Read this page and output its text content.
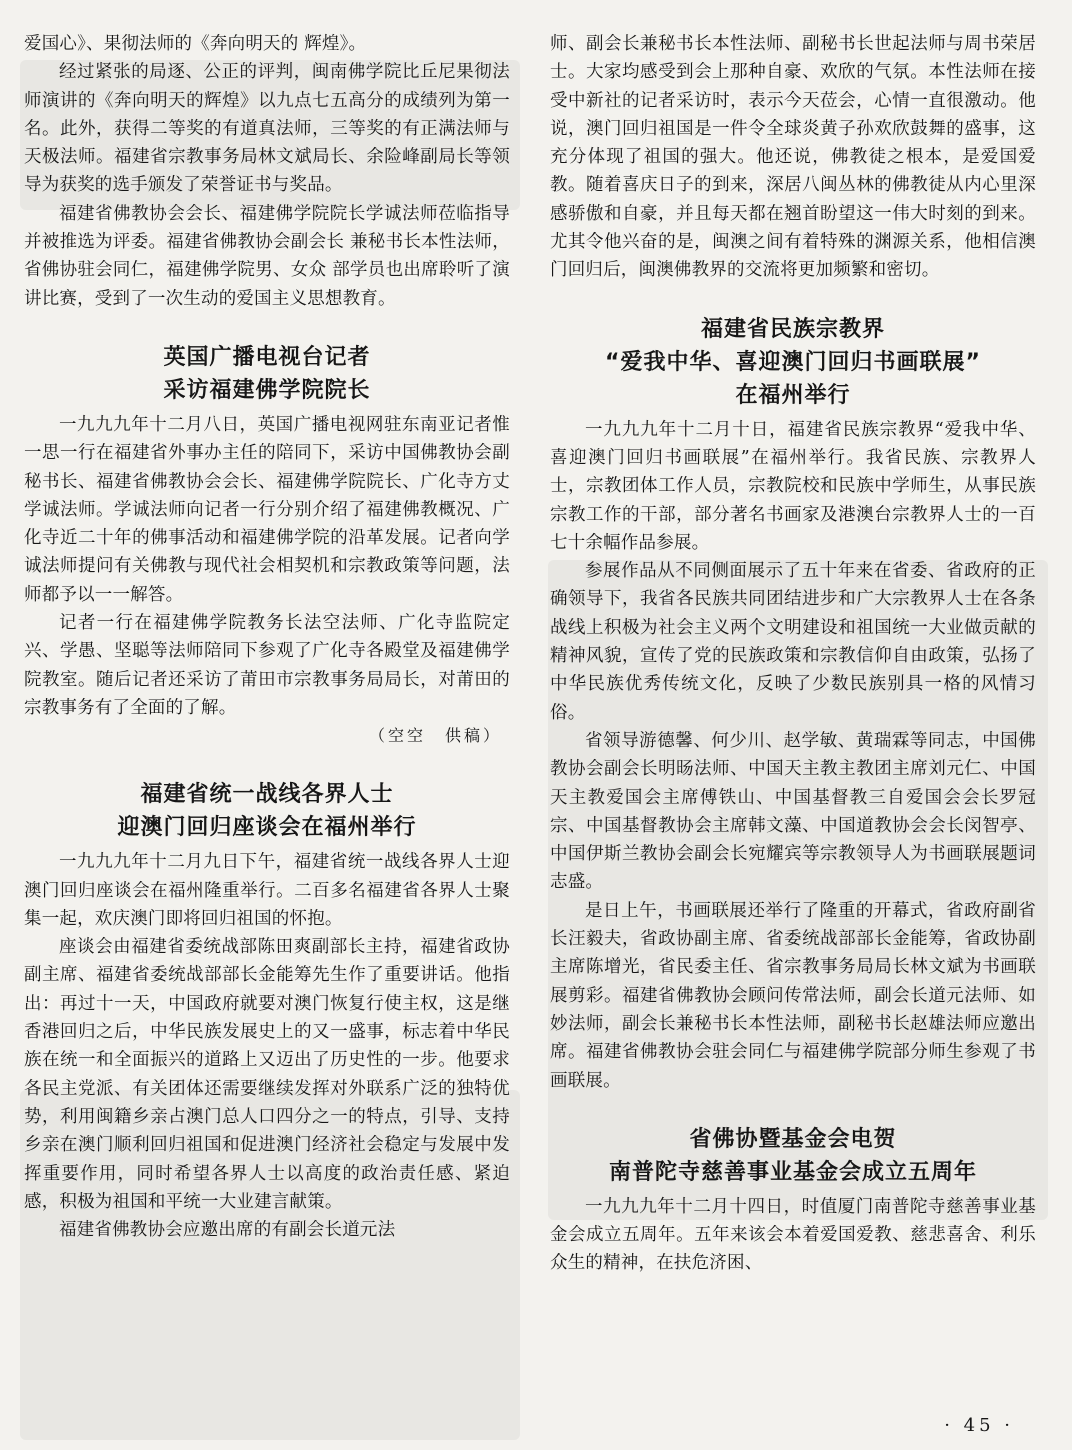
爱国心》、果彻法师的《奔向明天的 辉煌》。

经过紧张的局逐、公正的评判，闽南佛学院比丘尼果彻法师演讲的《奔向明天的辉煌》以九点七五高分的成绩列为第一名。此外，获得二等奖的有道真法师，三等奖的有正满法师与天极法师。福建省宗教事务局林文斌局长、余险峰副局长等领导为获奖的选手颁发了荣誉证书与奖品。

福建省佛教协会会长、福建佛学院院长学诚法师莅临指导并被推选为评委。福建省佛教协会副会长 兼秘书长本性法师，省佛协驻会同仁，福建佛学院男、女众 部学员也出席聆听了演讲比赛，受到了一次生动的爱国主义思想教育。

英国广播电视台记者
采访福建佛学院院长

一九九九年十二月八日，英国广播电视网驻东南亚记者惟一思一行在福建省外事办主任的陪同下，采访中国佛教协会副秘书长、福建省佛教协会会长、福建佛学院院长、广化寺方丈学诚法师。学诚法师向记者一行分别介绍了福建佛教概况、广化寺近二十年的佛事活动和福建佛学院的沿革发展。记者向学诚法师提问有关佛教与现代社会相契机和宗教政策等问题，法师都予以一一解答。

记者一行在福建佛学院教务长法空法师、广化寺监院定兴、学愚、坚聪等法师陪同下参观了广化寺各殿堂及福建佛学院教室。随后记者还采访了莆田市宗教事务局局长，对莆田的宗教事务有了全面的了解。

（空空　供稿）
福建省统一战线各界人士
迎澳门回归座谈会在福州举行

一九九九年十二月九日下午，福建省统一战线各界人士迎澳门回归座谈会在福州隆重举行。二百多名福建省各界人士聚集一起，欢庆澳门即将回归祖国的怀抱。

座谈会由福建省委统战部陈田爽副部长主持，福建省政协副主席、福建省委统战部部长金能筹先生作了重要讲话。他指出：再过十一天，中国政府就要对澳门恢复行使主权，这是继香港回归之后，中华民族发展史上的又一盛事，标志着中华民族在统一和全面振兴的道路上又迈出了历史性的一步。他要求各民主党派、有关团体还需要继续发挥对外联系广泛的独特优势，利用闽籍乡亲占澳门总人口四分之一的特点，引导、支持乡亲在澳门顺利回归祖国和促进澳门经济社会稳定与发展中发挥重要作用，同时希望各界人士以高度的政治责任感、紧迫感，积极为祖国和平统一大业建言献策。

福建省佛教协会应邀出席的有副会长道元法

师、副会长兼秘书长本性法师、副秘书长世起法师与周书荣居士。大家均感受到会上那种自豪、欢欣的气氛。本性法师在接受中新社的记者采访时，表示今天莅会，心情一直很激动。他说，澳门回归祖国是一件令全球炎黄子孙欢欣鼓舞的盛事，这充分体现了祖国的强大。他还说，佛教徒之根本，是爱国爱教。随着喜庆日子的到来，深居八闽丛林的佛教徒从内心里深感骄傲和自豪，并且每天都在翘首盼望这一伟大时刻的到来。尤其令他兴奋的是，闽澳之间有着特殊的渊源关系，他相信澳门回归后，闽澳佛教界的交流将更加频繁和密切。

福建省民族宗教界
“爱我中华、喜迎澳门回归书画联展”
在福州举行

一九九九年十二月十日，福建省民族宗教界“爱我中华、喜迎澳门回归书画联展”在福州举行。我省民族、宗教界人士，宗教团体工作人员，宗教院校和民族中学师生，从事民族宗教工作的干部，部分著名书画家及港澳台宗教界人士的一百七十余幅作品参展。

参展作品从不同侧面展示了五十年来在省委、省政府的正确领导下，我省各民族共同团结进步和广大宗教界人士在各条战线上积极为社会主义两个文明建设和祖国统一大业做贡献的精神风貌，宣传了党的民族政策和宗教信仰自由政策，弘扬了中华民族优秀传统文化，反映了少数民族别具一格的风情习俗。

省领导游德馨、何少川、赵学敏、黄瑞霖等同志，中国佛教协会副会长明旸法师、中国天主教主教团主席刘元仁、中国天主教爱国会主席傅铁山、中国基督教三自爱国会会长罗冠宗、中国基督教协会主席韩文藻、中国道教协会会长闵智亭、中国伊斯兰教协会副会长宛耀宾等宗教领导人为书画联展题词志盛。

是日上午，书画联展还举行了隆重的开幕式，省政府副省长汪毅夫，省政协副主席、省委统战部部长金能筹，省政协副主席陈增光，省民委主任、省宗教事务局局长林文斌为书画联展剪彩。福建省佛教协会顾问传常法师，副会长道元法师、如妙法师，副会长兼秘书长本性法师，副秘书长赵雄法师应邀出席。福建省佛教协会驻会同仁与福建佛学院部分师生参观了书画联展。

省佛协暨基金会电贺
南普陀寺慈善事业基金会成立五周年

一九九九年十二月十四日，时值厦门南普陀寺慈善事业基金会成立五周年。五年来该会本着爱国爱教、慈悲喜舍、利乐众生的精神，在扶危济困、

· 45 ·
